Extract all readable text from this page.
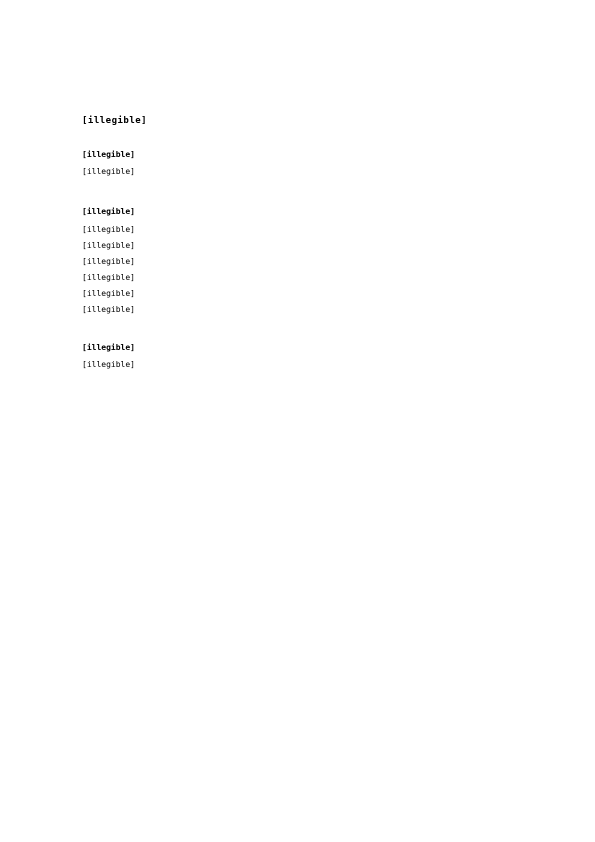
[illegible]
[illegible]

[illegible]

[illegible]
[illegible]
[illegible]
[illegible]
[illegible]
[illegible]
[illegible]
[illegible]

[illegible]
